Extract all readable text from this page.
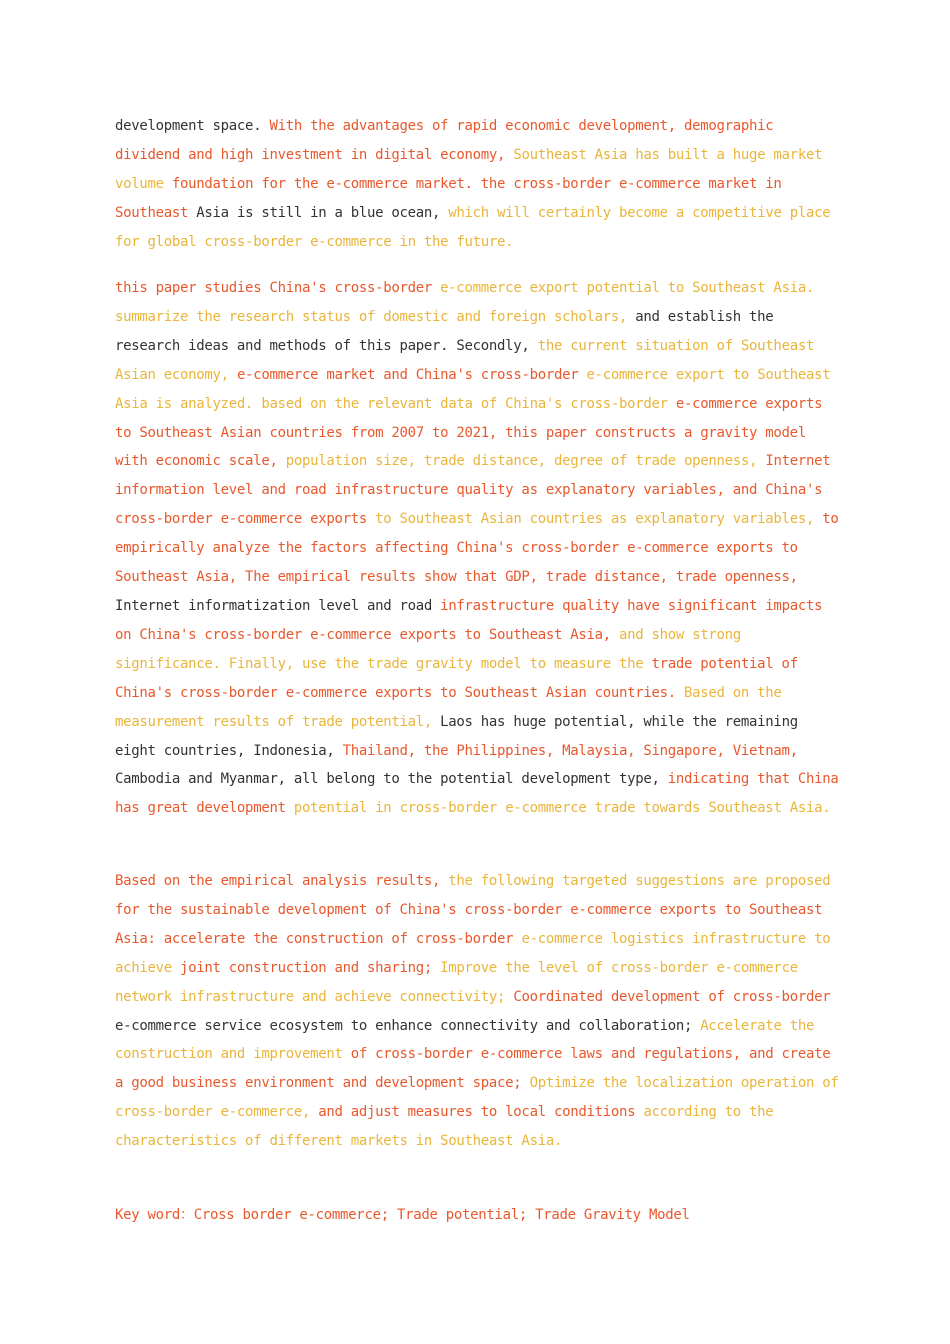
development space. With the advantages of rapid economic development, demographic dividend and high investment in digital economy, Southeast Asia has built a huge market volume foundation for the e-commerce market. the cross-border e-commerce market in Southeast Asia is still in a blue ocean, which will certainly become a competitive place for global cross-border e-commerce in the future.

this paper studies China's cross-border e-commerce export potential to Southeast Asia. summarize the research status of domestic and foreign scholars, and establish the research ideas and methods of this paper. Secondly, the current situation of Southeast Asian economy, e-commerce market and China's cross-border e-commerce export to Southeast Asia is analyzed. based on the relevant data of China's cross-border e-commerce exports to Southeast Asian countries from 2007 to 2021, this paper constructs a gravity model with economic scale, population size, trade distance, degree of trade openness, Internet information level and road infrastructure quality as explanatory variables, and China's cross-border e-commerce exports to Southeast Asian countries as explanatory variables, to empirically analyze the factors affecting China's cross-border e-commerce exports to Southeast Asia, The empirical results show that GDP, trade distance, trade openness, Internet informatization level and road infrastructure quality have significant impacts on China's cross-border e-commerce exports to Southeast Asia, and show strong significance. Finally, use the trade gravity model to measure the trade potential of China's cross-border e-commerce exports to Southeast Asian countries. Based on the measurement results of trade potential, Laos has huge potential, while the remaining eight countries, Indonesia, Thailand, the Philippines, Malaysia, Singapore, Vietnam, Cambodia and Myanmar, all belong to the potential development type, indicating that China has great development potential in cross-border e-commerce trade towards Southeast Asia.

Based on the empirical analysis results, the following targeted suggestions are proposed for the sustainable development of China's cross-border e-commerce exports to Southeast Asia: accelerate the construction of cross-border e-commerce logistics infrastructure to achieve joint construction and sharing; Improve the level of cross-border e-commerce network infrastructure and achieve connectivity; Coordinated development of cross-border e-commerce service ecosystem to enhance connectivity and collaboration; Accelerate the construction and improvement of cross-border e-commerce laws and regulations, and create a good business environment and development space; Optimize the localization operation of cross-border e-commerce, and adjust measures to local conditions according to the characteristics of different markets in Southeast Asia.

Key word：Cross border e-commerce; Trade potential; Trade Gravity Model
